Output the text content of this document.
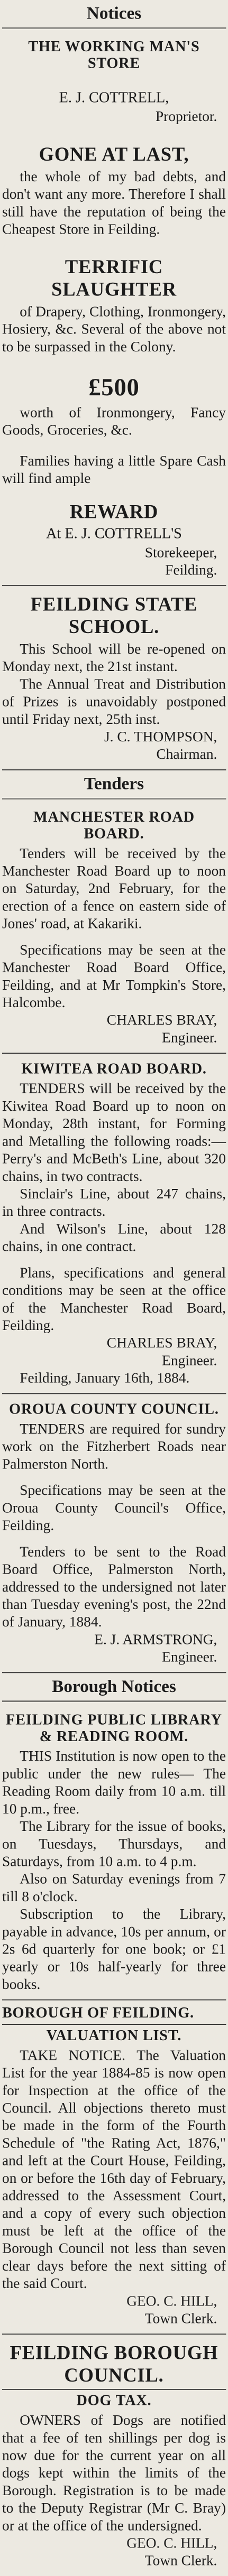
Notices
THE WORKING MAN'S STORE
E. J. COTTRELL,
Proprietor.
GONE AT LAST,

the whole of my bad debts, and don't want any more. Therefore I shall still have the reputation of being the Cheapest Store in Feilding.

TERRIFIC SLAUGHTER

of Drapery, Clothing, Ironmongery, Hosiery, &c. Several of the above not to be surpassed in the Colony.

£500

worth of Ironmongery, Fancy Goods, Groceries, &c.

Families having a little Spare Cash will find ample

REWARD
At E. J. COTTRELL'S
Storekeeper,
Feilding.
FEILDING STATE SCHOOL.

This School will be re-opened on Monday next, the 21st instant.

The Annual Treat and Distribution of Prizes is unavoidably postponed until Friday next, 25th inst.

J. C. THOMPSON,
Chairman.
Tenders
MANCHESTER ROAD BOARD.

Tenders will be received by the Manchester Road Board up to noon on Saturday, 2nd February, for the erection of a fence on eastern side of Jones' road, at Kakariki.

Specifications may be seen at the Manchester Road Board Office, Feilding, and at Mr Tompkin's Store, Halcombe.

CHARLES BRAY,
Engineer.
KIWITEA ROAD BOARD.

TENDERS will be received by the Kiwitea Road Board up to noon on Monday, 28th instant, for Forming and Metalling the following roads:— Perry's and McBeth's Line, about 320 chains, in two contracts.

Sinclair's Line, about 247 chains, in three contracts.

And Wilson's Line, about 128 chains, in one contract.

Plans, specifications and general conditions may be seen at the office of the Manchester Road Board, Feilding.

CHARLES BRAY,
Engineer.
Feilding, January 16th, 1884.
OROUA COUNTY COUNCIL.

TENDERS are required for sundry work on the Fitzherbert Roads near Palmerston North.

Specifications may be seen at the Oroua County Council's Office, Feilding.

Tenders to be sent to the Road Board Office, Palmerston North, addressed to the undersigned not later than Tuesday evening's post, the 22nd of January, 1884.

E. J. ARMSTRONG,
Engineer.
Borough Notices
FEILDING PUBLIC LIBRARY & READING ROOM.

THIS Institution is now open to the public under the new rules— The Reading Room daily from 10 a.m. till 10 p.m., free.

The Library for the issue of books, on Tuesdays, Thursdays, and Saturdays, from 10 a.m. to 4 p.m.

Also on Saturday evenings from 7 till 8 o'clock.

Subscription to the Library, payable in advance, 10s per annum, or 2s 6d quarterly for one book; or £1 yearly or 10s half-yearly for three books.

BOROUGH OF FEILDING.
VALUATION LIST.

TAKE NOTICE. The Valuation List for the year 1884-85 is now open for Inspection at the office of the Council. All objections thereto must be made in the form of the Fourth Schedule of "the Rating Act, 1876," and left at the Court House, Feilding, on or before the 16th day of February, addressed to the Assessment Court, and a copy of every such objection must be left at the office of the Borough Council not less than seven clear days before the next sitting of the said Court.

GEO. C. HILL,
Town Clerk.
FEILDING BOROUGH COUNCIL.
DOG TAX.

OWNERS of Dogs are notified that a fee of ten shillings per dog is now due for the current year on all dogs kept within the limits of the Borough. Registration is to be made to the Deputy Registrar (Mr C. Bray) or at the office of the undersigned.

GEO. C. HILL,
Town Clerk.
